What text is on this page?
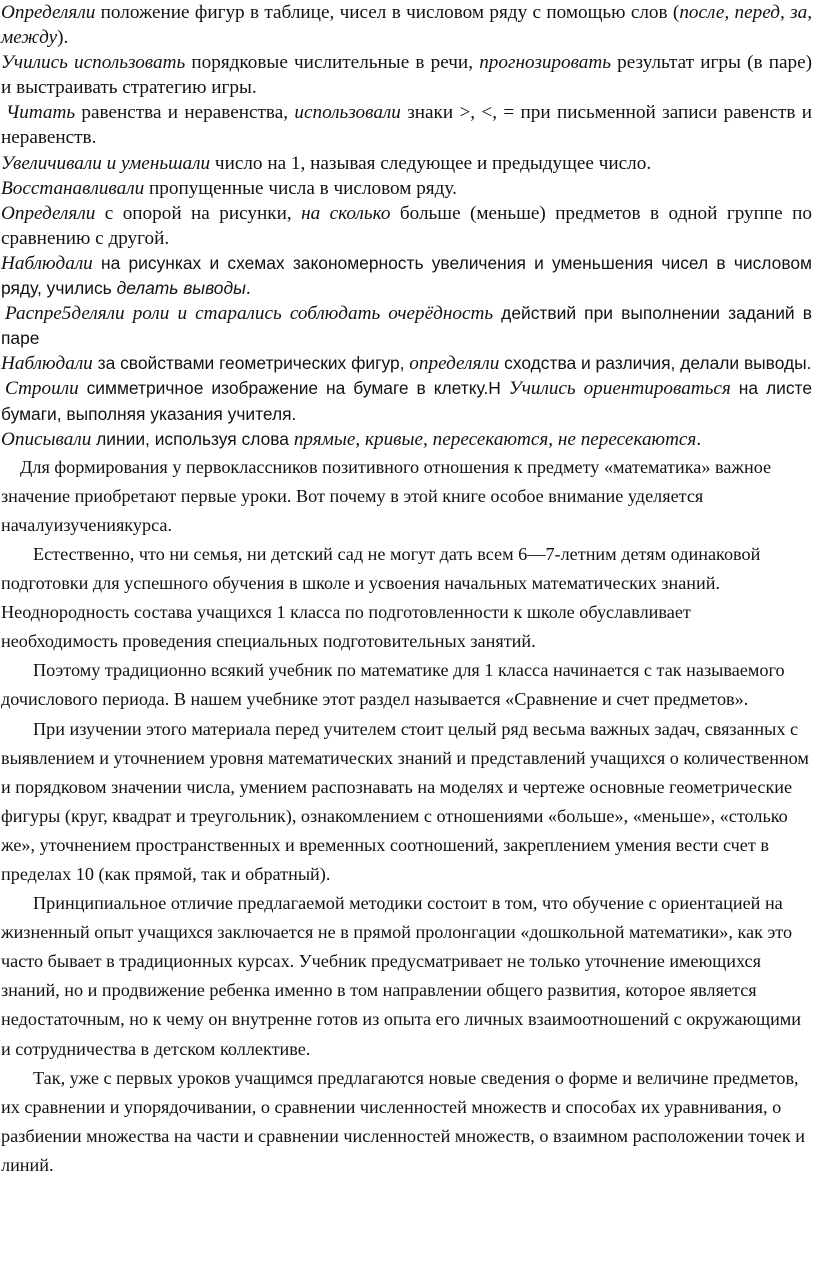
Определяли положение фигур в таблице, чисел в числовом ряду с помощью слов (после, перед, за, между).

Учились использовать порядковые числительные в речи, прогнозировать результат игры (в паре) и выстраивать стратегию игры.

Читать равенства и неравенства, использовали знаки >, <, = при письменной записи равенств и неравенств.

Увеличивали и уменьшали число на 1, называя следующее и предыдущее число.

Восстанавливали пропущенные числа в числовом ряду.

Определяли с опорой на рисунки, на сколько больше (меньше) предметов в одной группе по сравнению с другой.

Наблюдали на рисунках и схемах закономерность увеличения и уменьшения чисел в числовом ряду, учились делать выводы.

Распре5деляли роли и старались соблюдать очерёдность действий при выполнении заданий в паре

Наблюдали за свойствами геометрических фигур, определяли сходства и различия, делали выводы.

Строили симметричное изображение на бумаге в клетку.Н Учились ориентироваться на листе бумаги, выполняя указания учителя.

Описывали линии, используя слова прямые, кривые, пересекаются, не пересекаются.

Для формирования у первоклассников позитивного отношения к предмету «математика» важное значение приобретают первые уроки. Вот почему в этой книге особое внимание уделяется началуизучениякурса.

Естественно, что ни семья, ни детский сад не могут дать всем 6—7-летним детям одинаковой подготовки для успешного обучения в школе и усвоения начальных математических знаний. Неоднородность состава учащихся 1 класса по подготовленности к школе обуславливает необходимость проведения специальных подготовительных занятий.

Поэтому традиционно всякий учебник по математике для 1 класса начинается с так называемого дочислового периода. В нашем учебнике этот раздел называется «Сравнение и счет предметов».

При изучении этого материала перед учителем стоит целый ряд весьма важных задач, связанных с выявлением и уточнением уровня математических знаний и представлений учащихся о количественном и порядковом значении числа, умением распознавать на моделях и чертеже основные геометрические фигуры (круг, квадрат и треугольник), ознакомлением с отношениями «больше», «меньше», «столько же», уточнением пространственных и временных соотношений, закреплением умения вести счет в пределах 10 (как прямой, так и обратный).

Принципиальное отличие предлагаемой методики состоит в том, что обучение с ориентацией на жизненный опыт учащихся заключается не в прямой пролонгации «дошкольной математики», как это часто бывает в традиционных курсах. Учебник предусматривает не только уточнение имеющихся знаний, но и продвижение ребенка именно в том направлении общего развития, которое является недостаточным, но к чему он внутренне готов из опыта его личных взаимоотношений с окружающими и сотрудничества в детском коллективе.

Так, уже с первых уроков учащимся предлагаются новые сведения о форме и величине предметов, их сравнении и упорядочивании, о сравнении численностей множеств и способах их уравнивания, о разбиении множества на части и сравнении численностей множеств, о взаимном расположении точек и линий.
